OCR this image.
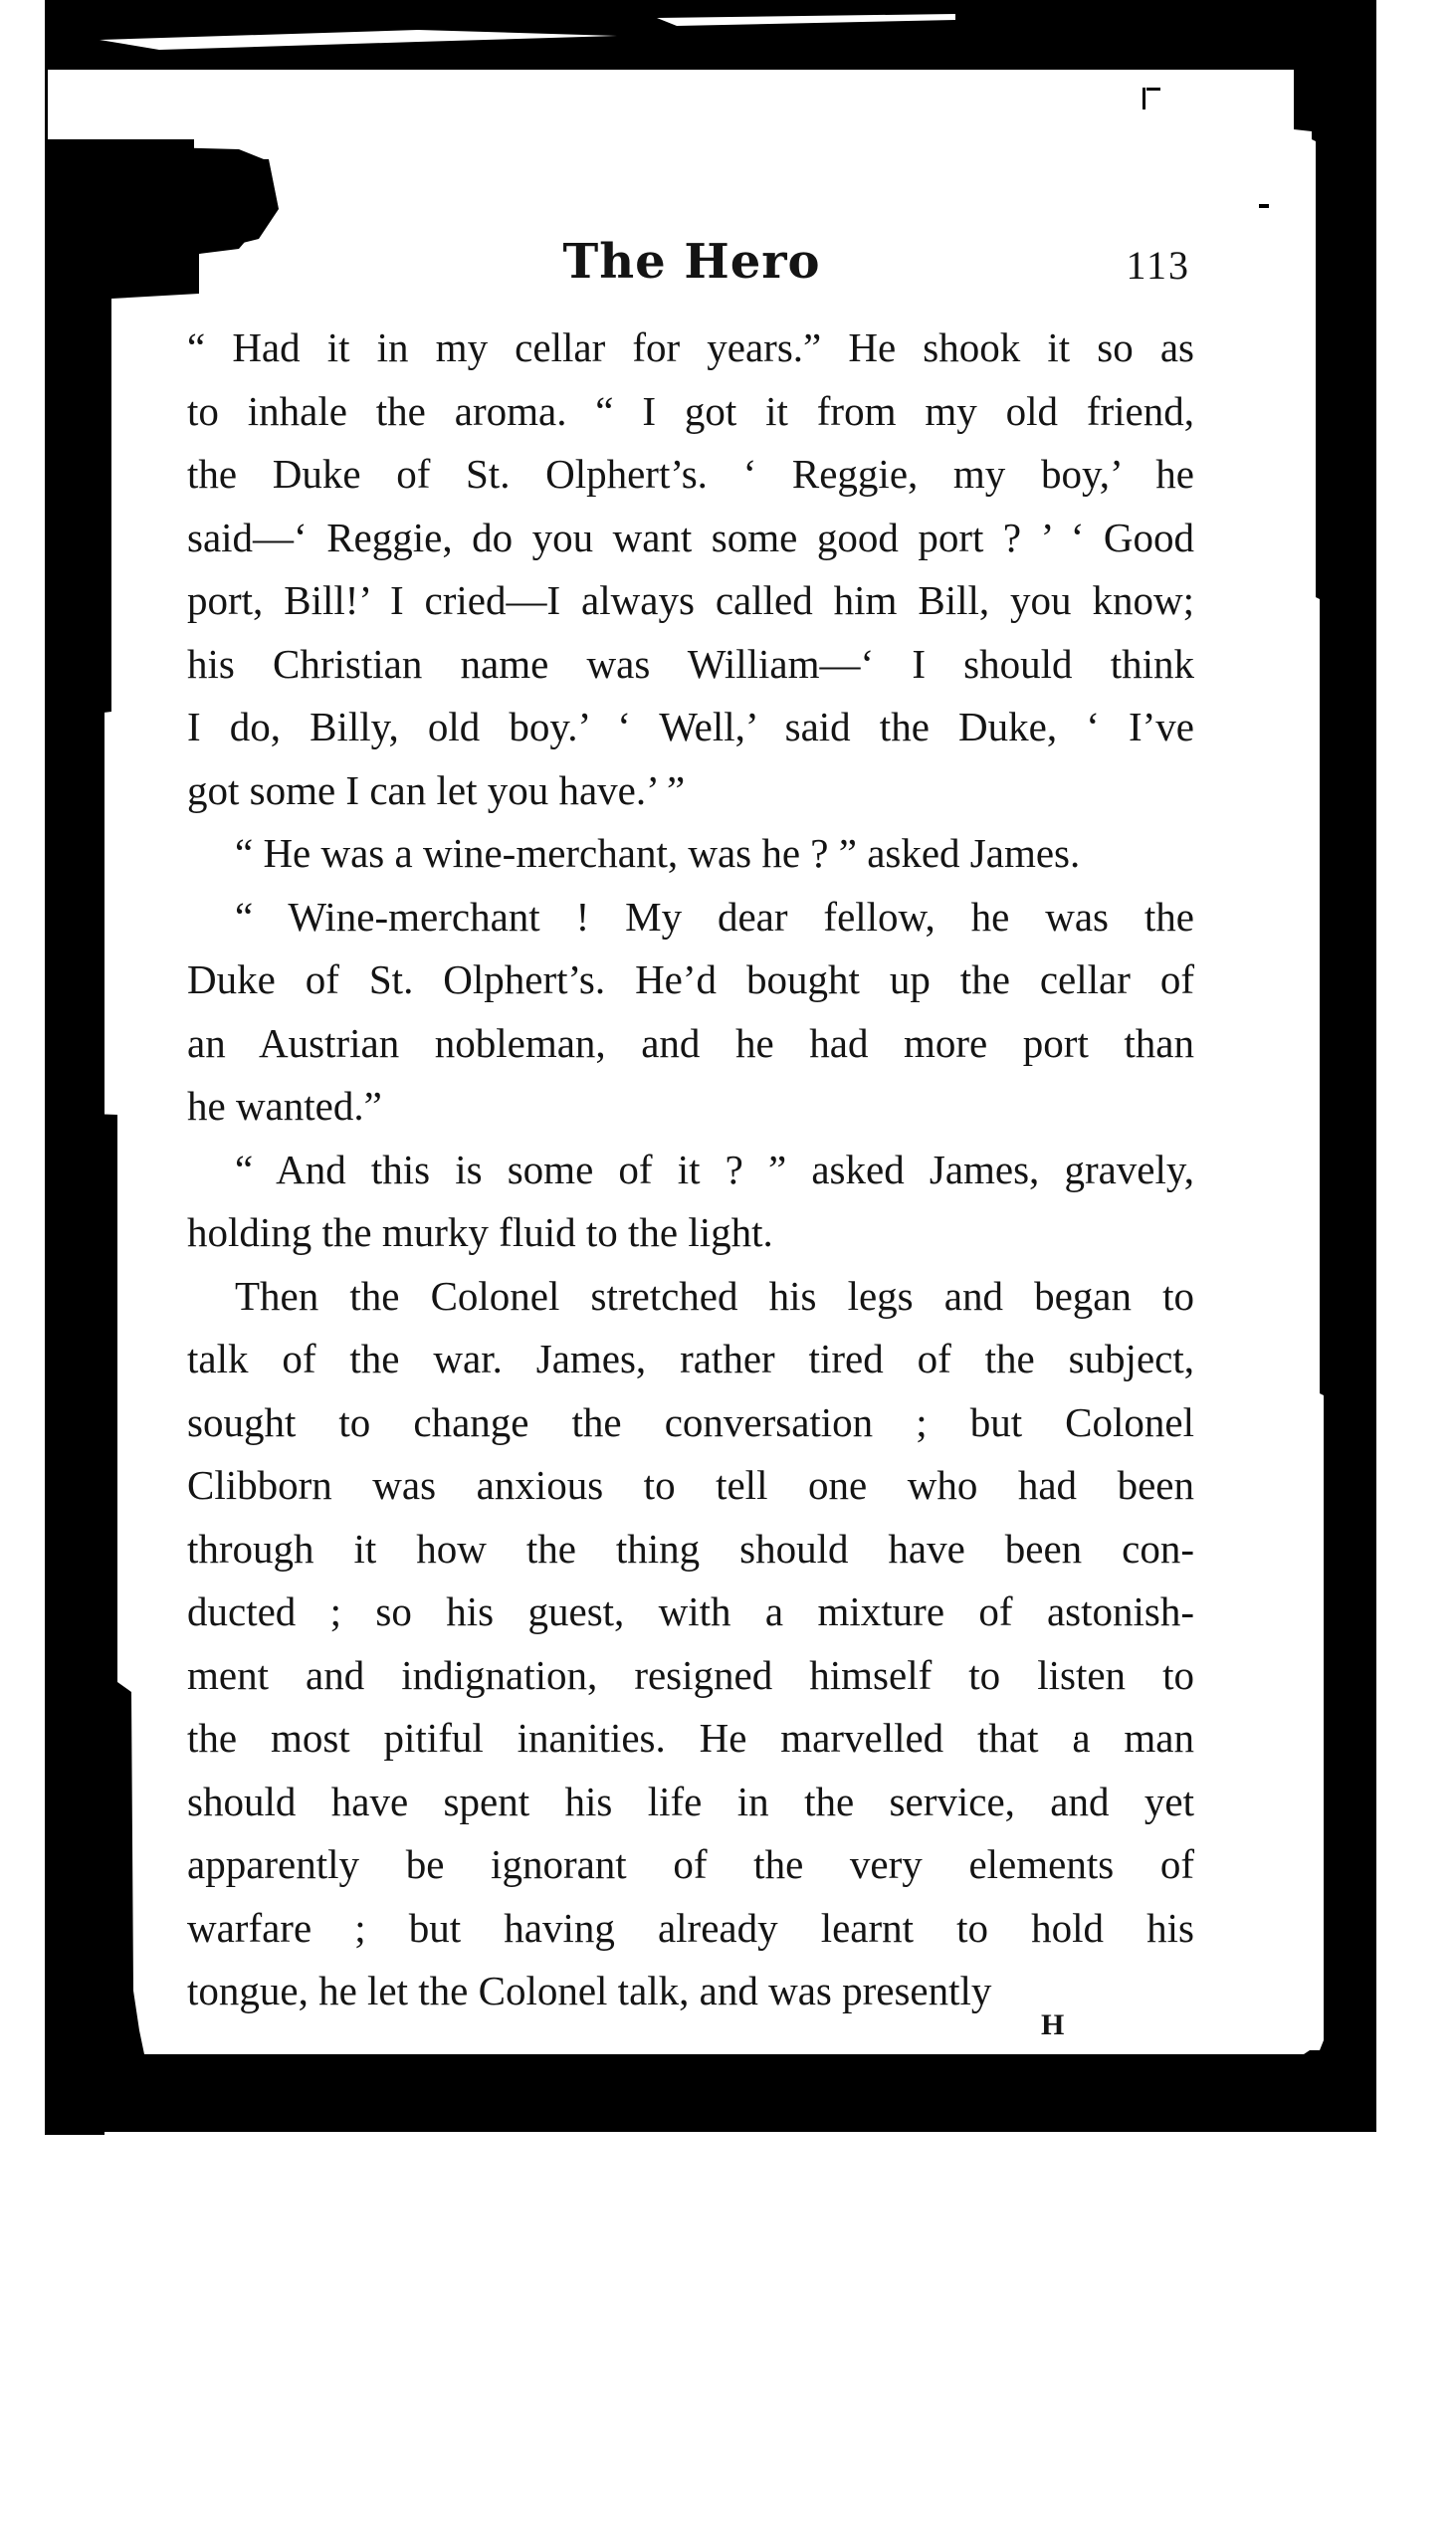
The Hero	113
“ Had it in my cellar for years.” He shook it so as
to inhale the aroma. “ I got it from my old friend,
the Duke of St. Olphert’s. ‘ Reggie, my boy,’ he
said—‘ Reggie, do you want some good port ? ’ ‘ Good
port, Bill!’ I cried—I always called him Bill, you know;
his Christian name was William—‘ I should think
I do, Billy, old boy.’ ‘ Well,’ said the Duke, ‘ I’ve
got some I can let you have.’ ”
“ He was a wine-merchant, was he ? ” asked James.
“ Wine-merchant ! My dear fellow, he was the
Duke of St. Olphert’s. He’d bought up the cellar of
an Austrian nobleman, and he had more port than
he wanted.”
“ And this is some of it ? ” asked James, gravely,
holding the murky fluid to the light.
Then the Colonel stretched his legs and began to
talk of the war. James, rather tired of the subject,
sought to change the conversation ; but Colonel
Clibborn was anxious to tell one who had been
through it how the thing should have been con-
ducted ; so his guest, with a mixture of astonish-
ment and indignation, resigned himself to listen to
the most pitiful inanities. He marvelled that a man
should have spent his life in the service, and yet
apparently be ignorant of the very elements of
warfare ; but having already learnt to hold his
tongue, he let the Colonel talk, and was presently
H
